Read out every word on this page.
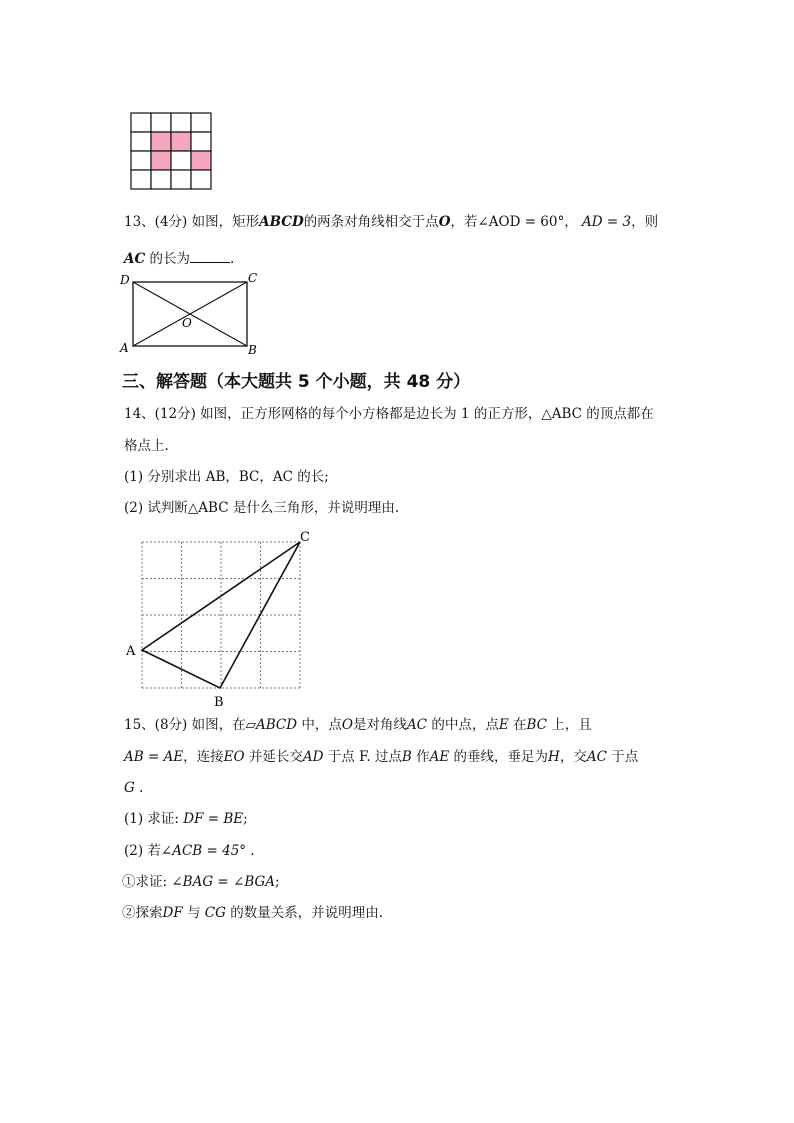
13、(4分) 如图，矩形ABCD的两条对角线相交于点O，若∠AOD = 60°， AD = 3，则
AC 的长为	.
D	C
A	B
O
三、解答题（本大题共 5 个小题，共 48 分）
14、(12分) 如图，正方形网格的每个小方格都是边长为 1 的正方形，△ABC 的顶点都在
格点上.
(1) 分别求出 AB，BC，AC 的长;
(2) 试判断△ABC 是什么三角形，并说明理由.
A
B
C
15、(8分) 如图，在▱ABCD 中，点O是对角线AC 的中点，点E 在BC 上，且
AB = AE，连接EO 并延长交AD 于点 F. 过点B 作AE 的垂线，垂足为H，交AC 于点
G .
(1) 求证: DF = BE;
(2) 若∠ACB = 45° .
①求证: ∠BAG = ∠BGA;
②探索DF 与 CG 的数量关系，并说明理由.
